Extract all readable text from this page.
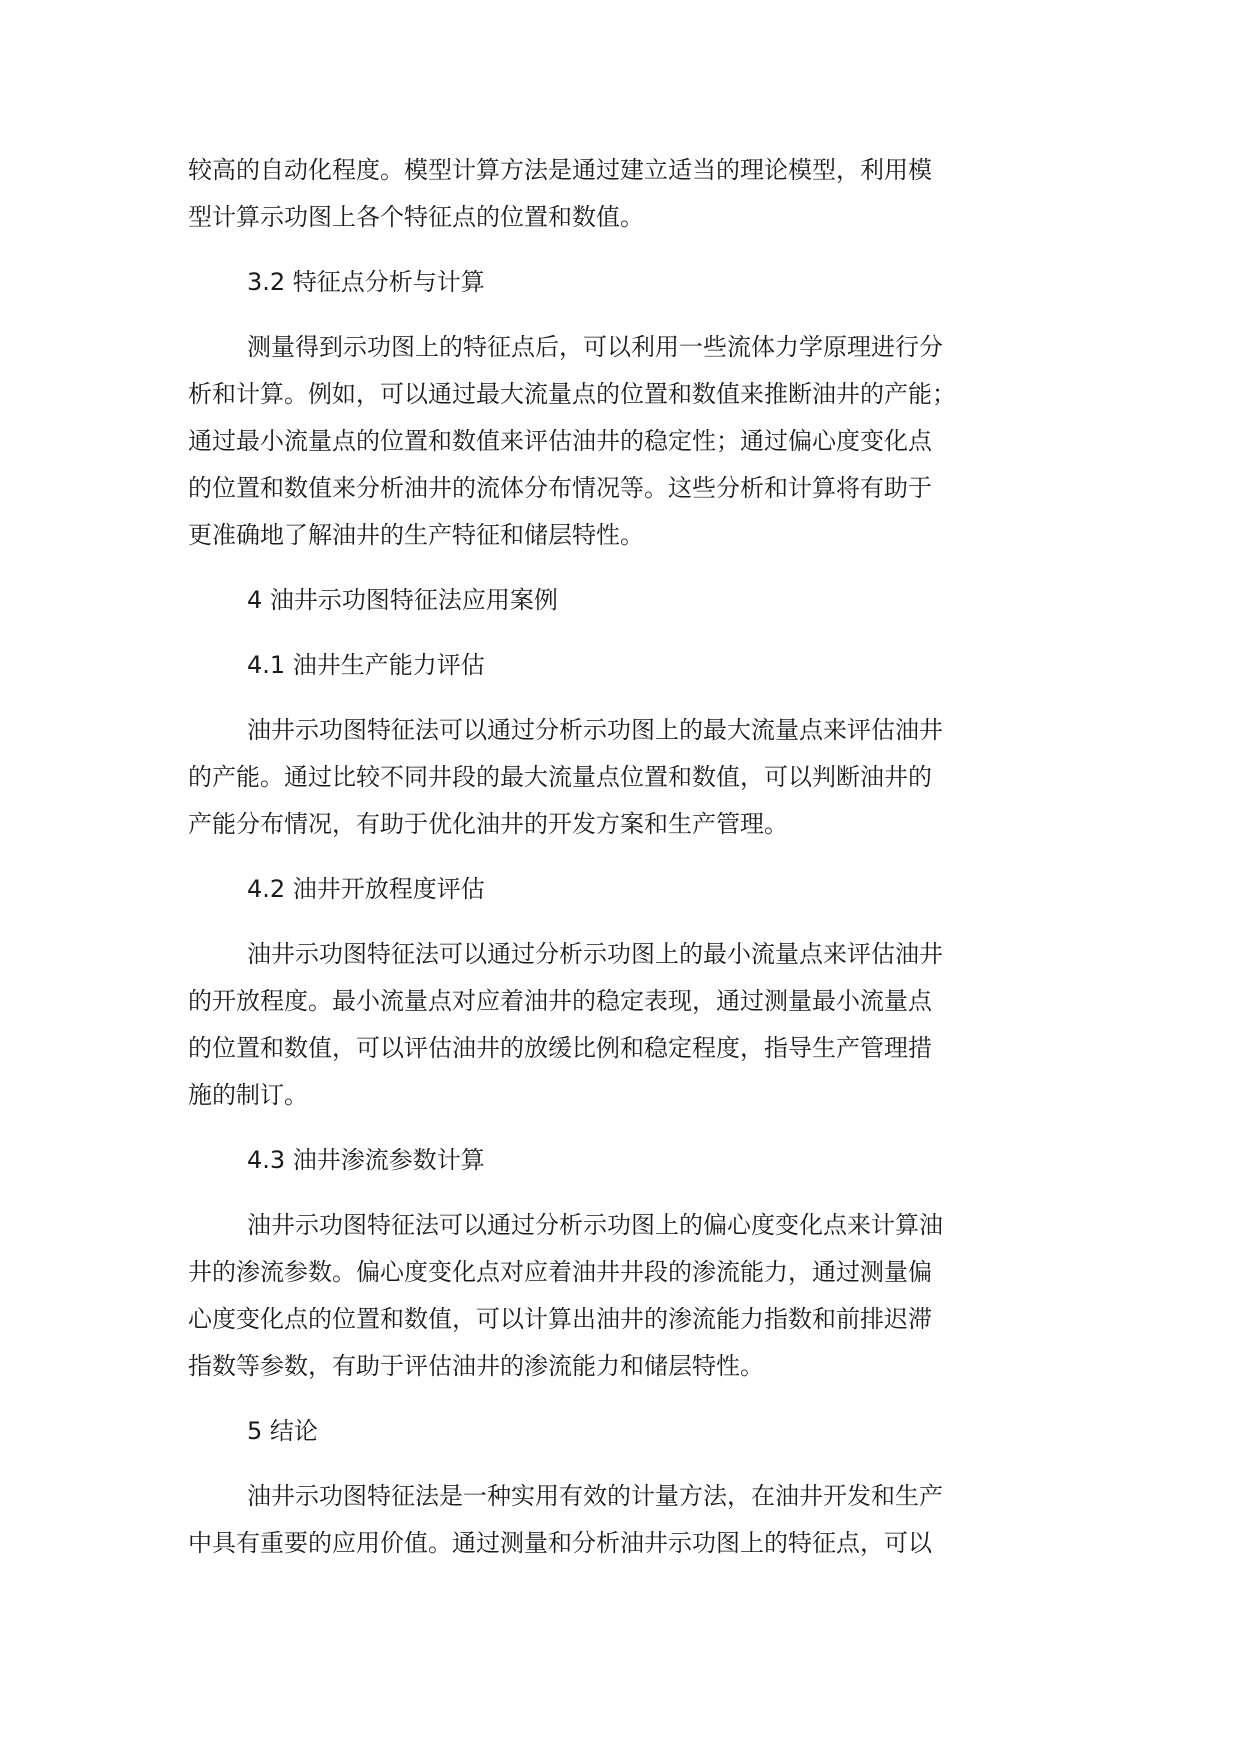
较高的自动化程度。模型计算方法是通过建立适当的理论模型，利用模
型计算示功图上各个特征点的位置和数值。
3.2 特征点分析与计算
测量得到示功图上的特征点后，可以利用一些流体力学原理进行分
析和计算。例如，可以通过最大流量点的位置和数值来推断油井的产能；
通过最小流量点的位置和数值来评估油井的稳定性；通过偏心度变化点
的位置和数值来分析油井的流体分布情况等。这些分析和计算将有助于
更准确地了解油井的生产特征和储层特性。
4 油井示功图特征法应用案例
4.1 油井生产能力评估
油井示功图特征法可以通过分析示功图上的最大流量点来评估油井
的产能。通过比较不同井段的最大流量点位置和数值，可以判断油井的
产能分布情况，有助于优化油井的开发方案和生产管理。
4.2 油井开放程度评估
油井示功图特征法可以通过分析示功图上的最小流量点来评估油井
的开放程度。最小流量点对应着油井的稳定表现，通过测量最小流量点
的位置和数值，可以评估油井的放缓比例和稳定程度，指导生产管理措
施的制订。
4.3 油井渗流参数计算
油井示功图特征法可以通过分析示功图上的偏心度变化点来计算油
井的渗流参数。偏心度变化点对应着油井井段的渗流能力，通过测量偏
心度变化点的位置和数值，可以计算出油井的渗流能力指数和前排迟滞
指数等参数，有助于评估油井的渗流能力和储层特性。
5 结论
油井示功图特征法是一种实用有效的计量方法，在油井开发和生产
中具有重要的应用价值。通过测量和分析油井示功图上的特征点，可以
